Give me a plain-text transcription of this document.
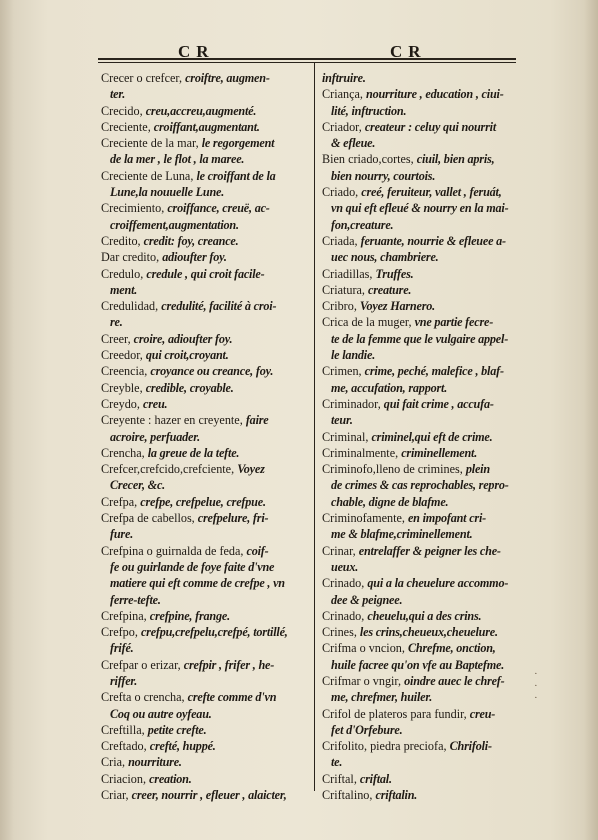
CR	CR
Crecer o crefcer, croiftre, augmen-
ter.
Crecido, creu,accreu,augmenté.
Creciente, croiffant,augmentant.
Creciente de la mar, le regorgement
de la mer , le flot , la maree.
Creciente de Luna, le croiffant de la
Lune,la nouuelle Lune.
Crecimiento, croiffance, creuë, ac-
croiffement,augmentation.
Credito, credit: foy, creance.
Dar credito, adioufter foy.
Credulo, credule , qui croit facile-
ment.
Credulidad, credulité, facilité à croi-
re.
Creer, croire, adioufter foy.
Creedor, qui croit,croyant.
Creencia, croyance ou creance, foy.
Creyble, credible, croyable.
Creydo, creu.
Creyente : hazer en creyente, faire
acroire, perfuader.
Crencha, la greue de la tefte.
Crefcer,crefcido,crefciente, Voyez
Crecer, &c.
Crefpa, crefpe, crefpelue, crefpue.
Crefpa de cabellos, crefpelure, fri-
fure.
Crefpina o guirnalda de feda, coif-
fe ou guirlande de foye faite d'vne
matiere qui eft comme de crefpe , vn
ferre-tefte.
Crefpina, crefpine, frange.
Crefpo, crefpu,crefpelu,crefpé, tortillé,
frifé.
Crefpar o erizar, crefpir , frifer , he-
riffer.
Crefta o crencha, crefte comme d'vn
Coq ou autre oyfeau.
Creftilla, petite crefte.
Creftado, crefté, huppé.
Cria, nourriture.
Criacion, creation.
Criar, creer, nourrir , efleuer , alaicter,
inftruire.
Criança, nourriture , education , ciui-
lité, inftruction.
Criador, createur : celuy qui nourrit
& efleue.
Bien criado,cortes, ciuil, bien apris,
bien nourry, courtois.
Criado, creé, feruiteur, vallet , feruát,
vn qui eft efleué & nourry en la mai-
fon,creature.
Criada, feruante, nourrie & efleuee a-
uec nous, chambriere.
Criadillas, Truffes.
Criatura, creature.
Cribro, Voyez Harnero.
Crica de la muger, vne partie fecre-
te de la femme que le vulgaire appel-
le landie.
Crimen, crime, peché, malefice , blaf-
me, accufation, rapport.
Criminador, qui fait crime , accufa-
teur.
Criminal, criminel,qui eft de crime.
Criminalmente, criminellement.
Criminofo,lleno de crimines, plein
de crimes & cas reprochables, repro-
chable, digne de blafme.
Criminofamente, en impofant cri-
me & blafme,criminellement.
Crinar, entrelaffer & peigner les che-
ueux.
Crinado, qui a la cheuelure accommo-
dee & peignee.
Crinado, cheuelu,qui a des crins.
Crines, les crins,cheueux,cheuelure.
Crifma o vncion, Chrefme, onction,
huile facree qu'on vfe au Baptefme.
Crifmar o vngir, oindre auec le chref-
me, chrefmer, huiler.
Crifol de plateros para fundir, creu-
fet d'Orfebure.
Crifolito, piedra preciofa, Chrifoli-
te.
Criftal, criftal.
Criftalino, criftalin.
· ·
·
